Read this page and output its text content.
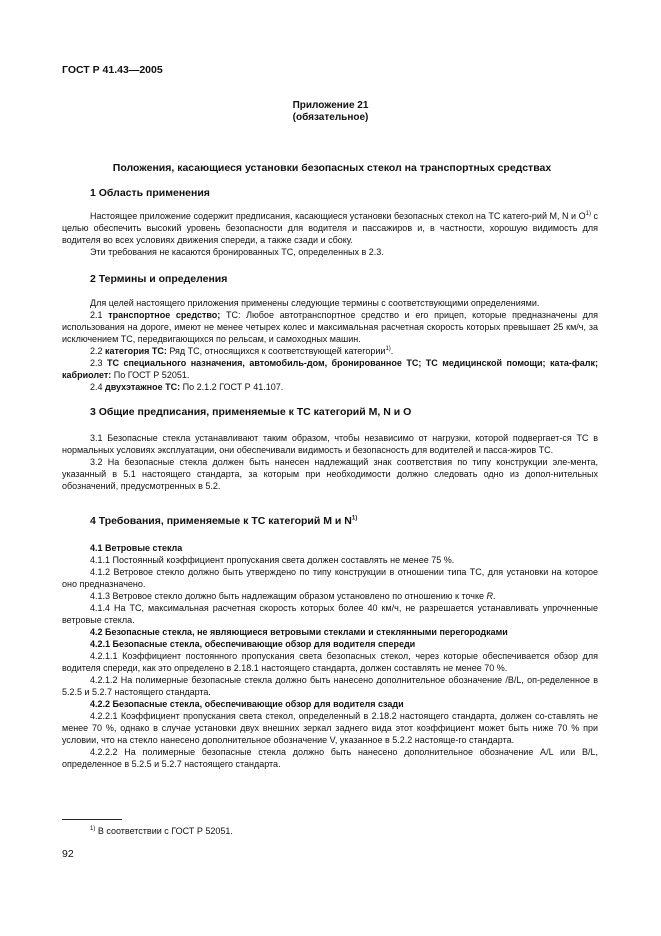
ГОСТ Р 41.43—2005
Приложение 21
(обязательное)
Положения, касающиеся установки безопасных стекол на транспортных средствах
1 Область применения

Настоящее приложение содержит предписания, касающиеся установки безопасных стекол на ТС катего-рий М, N и $О^{1)}$ с целью обеспечить высокий уровень безопасности для водителя и пассажиров и, в частности, хорошую видимость для водителя во всех условиях движения спереди, а также сзади и сбоку.

Эти требования не касаются бронированных ТС, определенных в 2.3.

2 Термины и определения

Для целей настоящего приложения применены следующие термины с соответствующими определениями.

2.1 транспортное средство; ТС: Любое автотранспортное средство и его прицеп, которые предназначены для использования на дороге, имеют не менее четырех колес и максимальная расчетная скорость которых превышает 25 км/ч, за исключением ТС, передвигающихся по рельсам, и самоходных машин.

2.2 категория ТС: Ряд ТС, относящихся к соответствующей категории$^{1)}$.

2.3 ТС специального назначения, автомобиль-дом, бронированное ТС; ТС медицинской помощи; ката-фалк; кабриолет: По ГОСТ Р 52051.

2.4 двухэтажное ТС: По 2.1.2 ГОСТ Р 41.107.

3 Общие предписания, применяемые к ТС категорий M, N и O

3.1 Безопасные стекла устанавливают таким образом, чтобы независимо от нагрузки, которой подвергает-ся ТС в нормальных условиях эксплуатации, они обеспечивали видимость и безопасность для водителей и пасса-жиров ТС.

3.2 На безопасные стекла должен быть нанесен надлежащий знак соответствия по типу конструкции эле-мента, указанный в 5.1 настоящего стандарта, за которым при необходимости должно следовать одно из допол-нительных обозначений, предусмотренных в 5.2.

4 Требования, применяемые к ТС категорий M и $N^{1)}$

4.1 Ветровые стекла

4.1.1 Постоянный коэффициент пропускания света должен составлять не менее 75 %.

4.1.2 Ветровое стекло должно быть утверждено по типу конструкции в отношении типа ТС, для установки на которое оно предназначено.

4.1.3 Ветровое стекло должно быть надлежащим образом установлено по отношению к точке R.

4.1.4 На ТС, максимальная расчетная скорость которых более 40 км/ч, не разрешается устанавливать упрочненные ветровые стекла.

4.2 Безопасные стекла, не являющиеся ветровыми стеклами и стеклянными перегородками

4.2.1 Безопасные стекла, обеспечивающие обзор для водителя спереди

4.2.1.1 Коэффициент постоянного пропускания света безопасных стекол, через которые обеспечивается обзор для водителя спереди, как это определено в 2.18.1 настоящего стандарта, должен составлять не менее 70 %.

4.2.1.2 На полимерные безопасные стекла должно быть нанесено дополнительное обозначение /B/L, оп-ределенное в 5.2.5 и 5.2.7 настоящего стандарта.

4.2.2 Безопасные стекла, обеспечивающие обзор для водителя сзади

4.2.2.1 Коэффициент пропускания света стекол, определенный в 2.18.2 настоящего стандарта, должен со-ставлять не менее 70 %, однако в случае установки двух внешних зеркал заднего вида этот коэффициент может быть ниже 70 % при условии, что на стекло нанесено дополнительное обозначение V, указанное в 5.2.2 настояще-го стандарта.

4.2.2.2 На полимерные безопасные стекла должно быть нанесено дополнительное обозначение A/L или B/L, определенное в 5.2.5 и 5.2.7 настоящего стандарта.

$^{1)}$ В соответствии с ГОСТ Р 52051.
92
